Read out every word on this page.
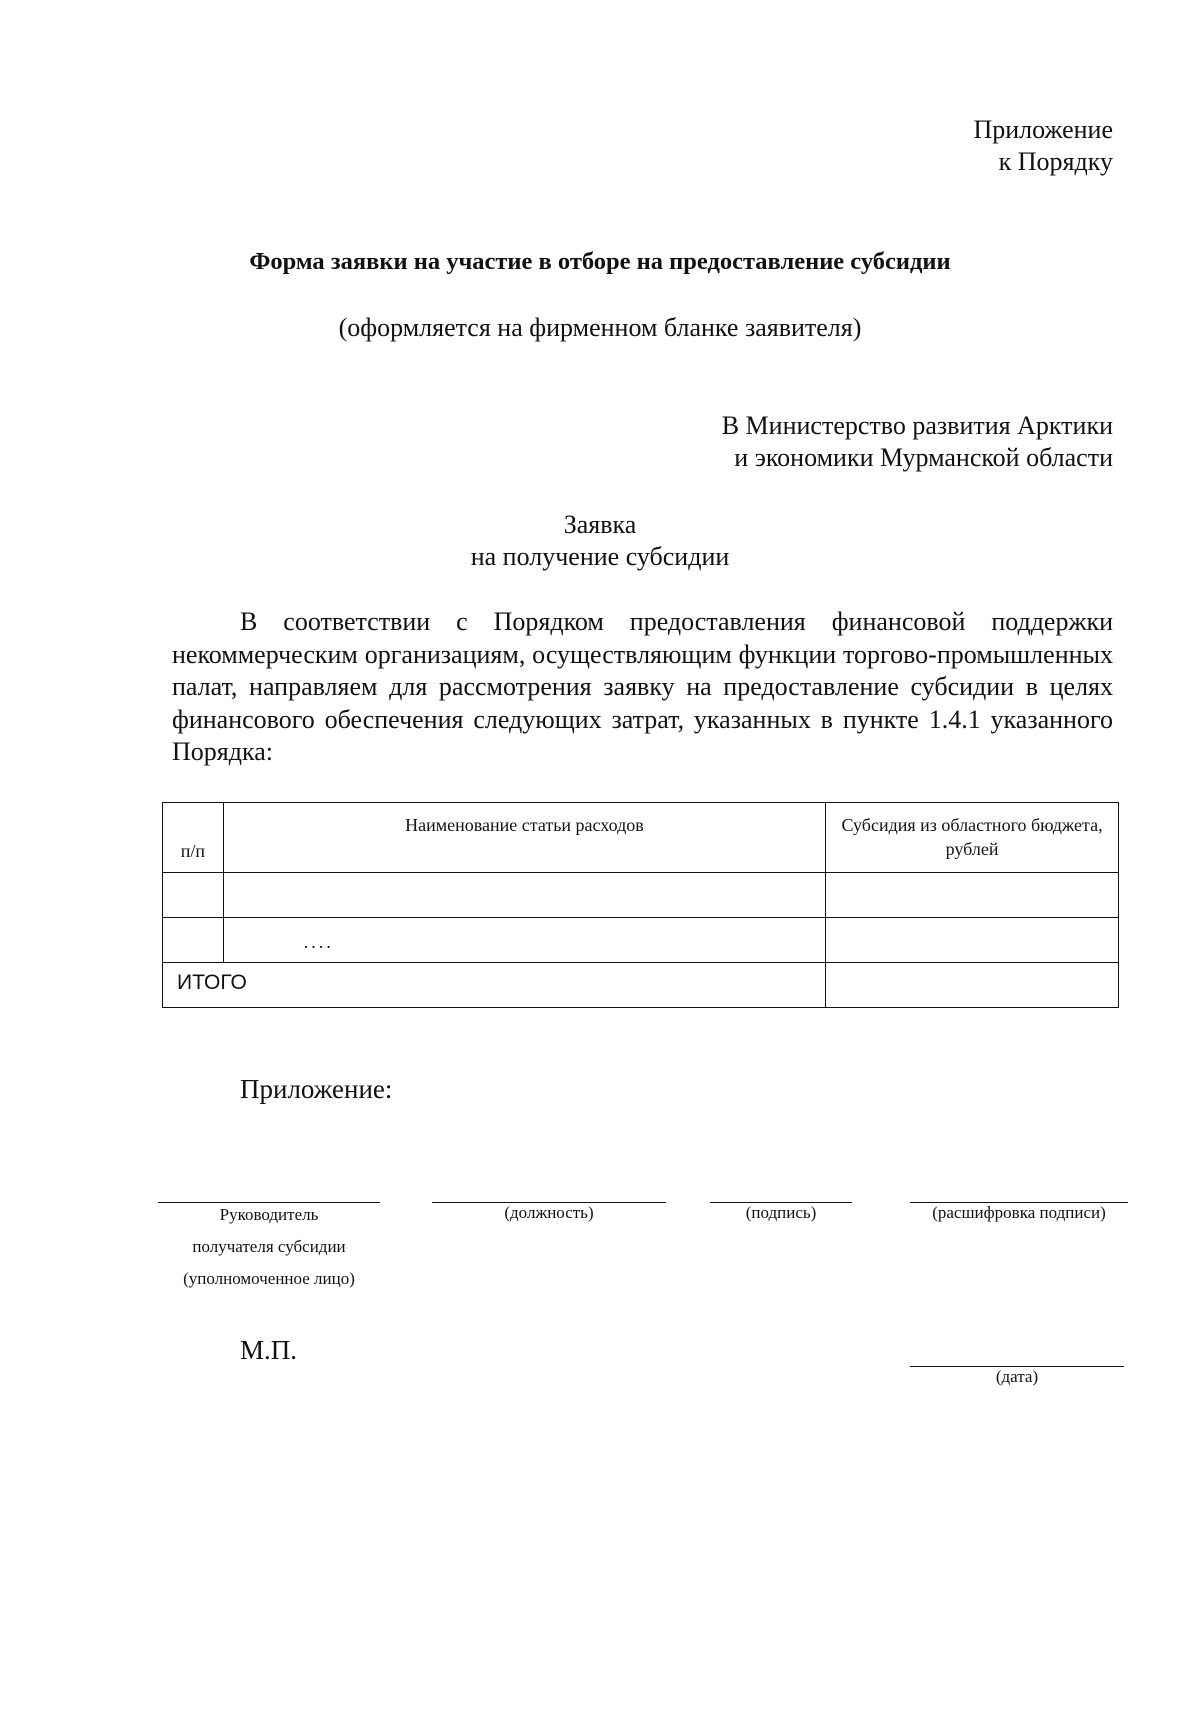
Приложение
к Порядку
Форма заявки на участие в отборе на предоставление субсидии
(оформляется на фирменном бланке заявителя)
В Министерство развития Арктики
и экономики Мурманской области
Заявка
на получение субсидии
В соответствии с Порядком предоставления финансовой поддержки некоммерческим организациям, осуществляющим функции торгово-промышленных палат, направляем для рассмотрения заявку на предоставление субсидии в целях финансового обеспечения следующих затрат, указанных в пункте 1.4.1 указанного Порядка:
п/п	Наименование статьи расходов	Субсидия из областного бюджета, рублей

	....	

ИТОГО		

Приложение:
Руководитель
получателя субсидии
(уполномоченное лицо)
(должность)	(подпись)	(расшифровка подписи)
М.П.
(дата)
